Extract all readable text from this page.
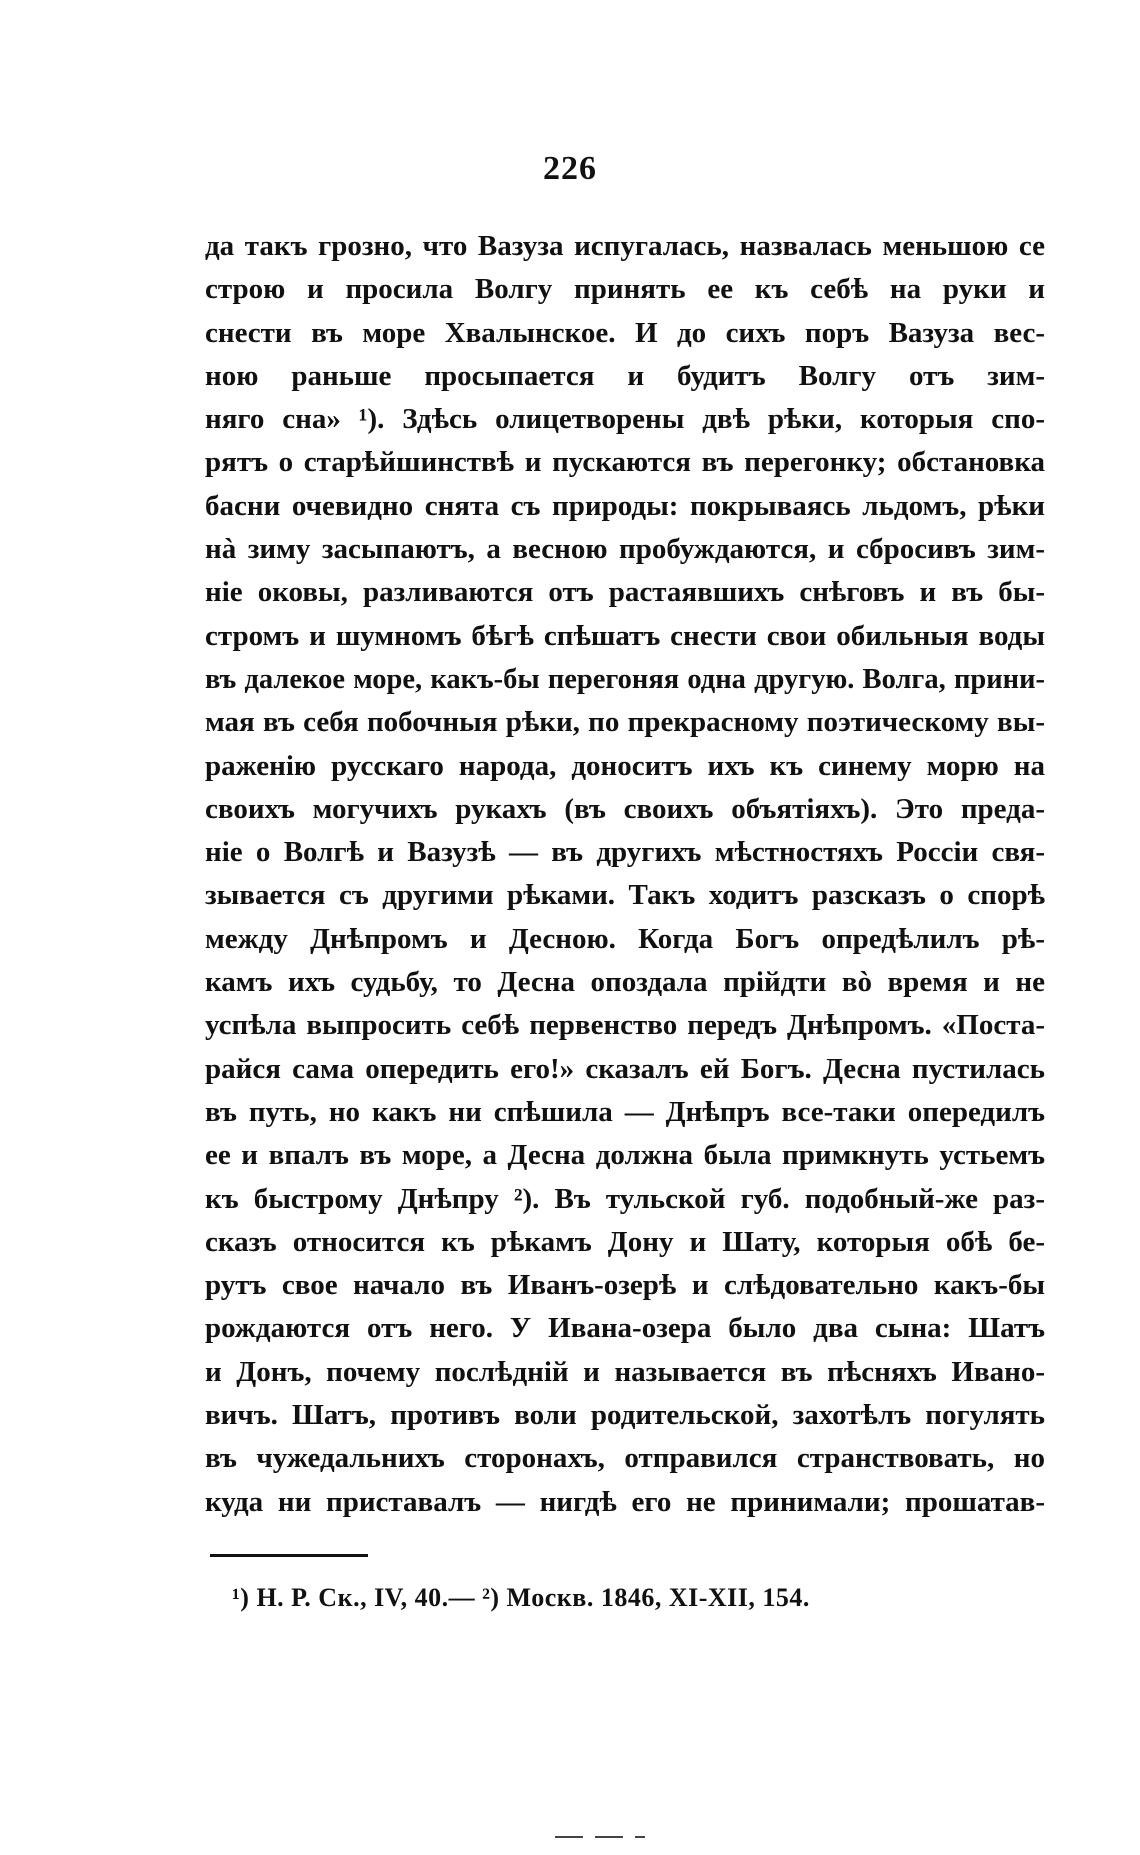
226
да такъ грозно, что Вазуза испугалась, назвалась меньшою се
строю и просила Волгу принять ее къ себѣ на руки и
снести въ море Хвалынское. И до сихъ поръ Вазуза вес-
ною раньше просыпается и будитъ Волгу отъ зим-
няго сна» ¹). Здѣсь олицетворены двѣ рѣки, которыя спо-
рятъ о старѣйшинствѣ и пускаются въ перегонку; обстановка
басни очевидно снята съ природы: покрываясь льдомъ, рѣки
нà зиму засыпаютъ, а весною пробуждаются, и сбросивъ зим-
ніе оковы, разливаются отъ растаявшихъ снѣговъ и въ бы-
стромъ и шумномъ бѣгѣ спѣшатъ снести свои обильныя воды
въ далекое море, какъ-бы перегоняя одна другую. Волга, прини-
мая въ себя побочныя рѣки, по прекрасному поэтическому вы-
раженію русскаго народа, доноситъ ихъ къ синему морю на
своихъ могучихъ рукахъ (въ своихъ объятіяхъ). Это преда-
ніе о Волгѣ и Вазузѣ — въ другихъ мѣстностяхъ Россіи свя-
зывается съ другими рѣками. Такъ ходитъ разсказъ о спорѣ
между Днѣпромъ и Десною. Когда Богъ опредѣлилъ рѣ-
камъ ихъ судьбу, то Десна опоздала прійдти вò время и не
успѣла выпросить себѣ первенство передъ Днѣпромъ. «Поста-
райся сама опередить его!» сказалъ ей Богъ. Десна пустилась
въ путь, но какъ ни спѣшила — Днѣпръ все-таки опередилъ
ее и впалъ въ море, а Десна должна была примкнуть устьемъ
къ быстрому Днѣпру ²). Въ тульской губ. подобный-же раз-
сказъ относится къ рѣкамъ Дону и Шату, которыя обѣ бе-
рутъ свое начало въ Иванъ-озерѣ и слѣдовательно какъ-бы
рождаются отъ него. У Ивана-озера было два сына: Шатъ
и Донъ, почему послѣдній и называется въ пѣсняхъ Ивано-
вичъ. Шатъ, противъ воли родительской, захотѣлъ погулять
въ чужедальнихъ сторонахъ, отправился странствовать, но
куда ни приставалъ — нигдѣ его не принимали; прошатав-
¹) Н. Р. Ск., IV, 40.— ²) Москв. 1846, XI-XII, 154.
